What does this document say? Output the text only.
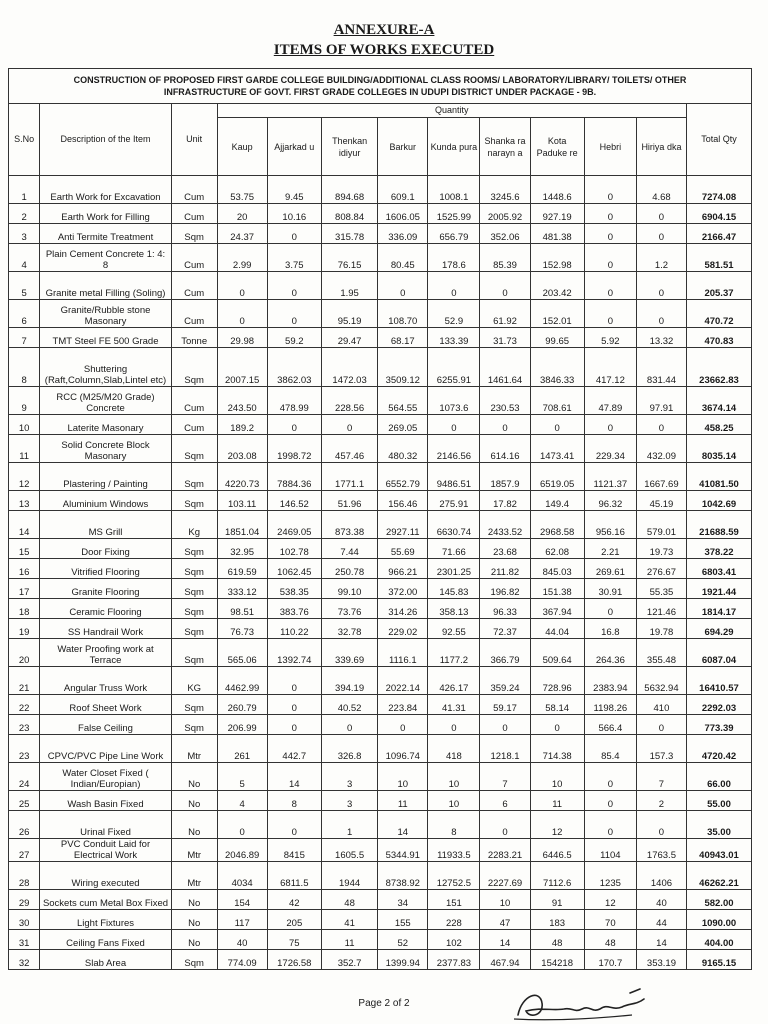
ANNEXURE-A
ITEMS OF WORKS EXECUTED
CONSTRUCTION OF PROPOSED FIRST GARDE COLLEGE BUILDING/ADDITIONAL CLASS ROOMS/ LABORATORY/LIBRARY/ TOILETS/ OTHER
INFRASTRUCTURE OF GOVT. FIRST GRADE COLLEGES IN UDUPI DISTRICT UNDER PACKAGE - 9B.												
S.No	Description of the Item	Unit	Quantity									Total Qty
			Kaup	Ajjarkad u	Thenkan idiyur	Barkur	Kunda pura	Shanka ra narayn a	Kota Paduke re	Hebri	Hiriya dka	
1	Earth Work for Excavation	Cum	53.75	9.45	894.68	609.1	1008.1	3245.6	1448.6	0	4.68	7274.08
2	Earth Work for Filling	Cum	20	10.16	808.84	1606.05	1525.99	2005.92	927.19	0	0	6904.15
3	Anti Termite Treatment	Sqm	24.37	0	315.78	336.09	656.79	352.06	481.38	0	0	2166.47
4	Plain Cement Concrete 1: 4: 8	Cum	2.99	3.75	76.15	80.45	178.6	85.39	152.98	0	1.2	581.51
5	Granite metal Filling (Soling)	Cum	0	0	1.95	0	0	0	203.42	0	0	205.37
6	Granite/Rubble stone Masonary	Cum	0	0	95.19	108.70	52.9	61.92	152.01	0	0	470.72
7	TMT Steel FE 500 Grade	Tonne	29.98	59.2	29.47	68.17	133.39	31.73	99.65	5.92	13.32	470.83
8	Shuttering (Raft,Column,Slab,Lintel etc)	Sqm	2007.15	3862.03	1472.03	3509.12	6255.91	1461.64	3846.33	417.12	831.44	23662.83
9	RCC (M25/M20 Grade) Concrete	Cum	243.50	478.99	228.56	564.55	1073.6	230.53	708.61	47.89	97.91	3674.14
10	Laterite Masonary	Cum	189.2	0	0	269.05	0	0	0	0	0	458.25
11	Solid Concrete Block Masonary	Sqm	203.08	1998.72	457.46	480.32	2146.56	614.16	1473.41	229.34	432.09	8035.14
12	Plastering / Painting	Sqm	4220.73	7884.36	1771.1	6552.79	9486.51	1857.9	6519.05	1121.37	1667.69	41081.50
13	Aluminium Windows	Sqm	103.11	146.52	51.96	156.46	275.91	17.82	149.4	96.32	45.19	1042.69
14	MS Grill	Kg	1851.04	2469.05	873.38	2927.11	6630.74	2433.52	2968.58	956.16	579.01	21688.59
15	Door Fixing	Sqm	32.95	102.78	7.44	55.69	71.66	23.68	62.08	2.21	19.73	378.22
16	Vitrified Flooring	Sqm	619.59	1062.45	250.78	966.21	2301.25	211.82	845.03	269.61	276.67	6803.41
17	Granite Flooring	Sqm	333.12	538.35	99.10	372.00	145.83	196.82	151.38	30.91	55.35	1921.44
18	Ceramic Flooring	Sqm	98.51	383.76	73.76	314.26	358.13	96.33	367.94	0	121.46	1814.17
19	SS Handrail Work	Sqm	76.73	110.22	32.78	229.02	92.55	72.37	44.04	16.8	19.78	694.29
20	Water Proofing work at Terrace	Sqm	565.06	1392.74	339.69	1116.1	1177.2	366.79	509.64	264.36	355.48	6087.04
21	Angular Truss Work	KG	4462.99	0	394.19	2022.14	426.17	359.24	728.96	2383.94	5632.94	16410.57
22	Roof Sheet Work	Sqm	260.79	0	40.52	223.84	41.31	59.17	58.14	1198.26	410	2292.03
23	False Ceiling	Sqm	206.99	0	0	0	0	0	0	566.4	0	773.39
23	CPVC/PVC Pipe Line Work	Mtr	261	442.7	326.8	1096.74	418	1218.1	714.38	85.4	157.3	4720.42
24	Water Closet Fixed ( Indian/Europian)	No	5	14	3	10	10	7	10	0	7	66.00
25	Wash Basin Fixed	No	4	8	3	11	10	6	11	0	2	55.00
26	Urinal Fixed	No	0	0	1	14	8	0	12	0	0	35.00
27	PVC Conduit Laid for Electrical Work	Mtr	2046.89	8415	1605.5	5344.91	11933.5	2283.21	6446.5	1104	1763.5	40943.01
28	Wiring executed	Mtr	4034	6811.5	1944	8738.92	12752.5	2227.69	7112.6	1235	1406	46262.21
29	Sockets cum Metal Box Fixed	No	154	42	48	34	151	10	91	12	40	582.00
30	Light Fixtures	No	117	205	41	155	228	47	183	70	44	1090.00
31	Ceiling Fans Fixed	No	40	75	11	52	102	14	48	48	14	404.00
32	Slab Area	Sqm	774.09	1726.58	352.7	1399.94	2377.83	467.94	154218	170.7	353.19	9165.15
Page 2 of 2
